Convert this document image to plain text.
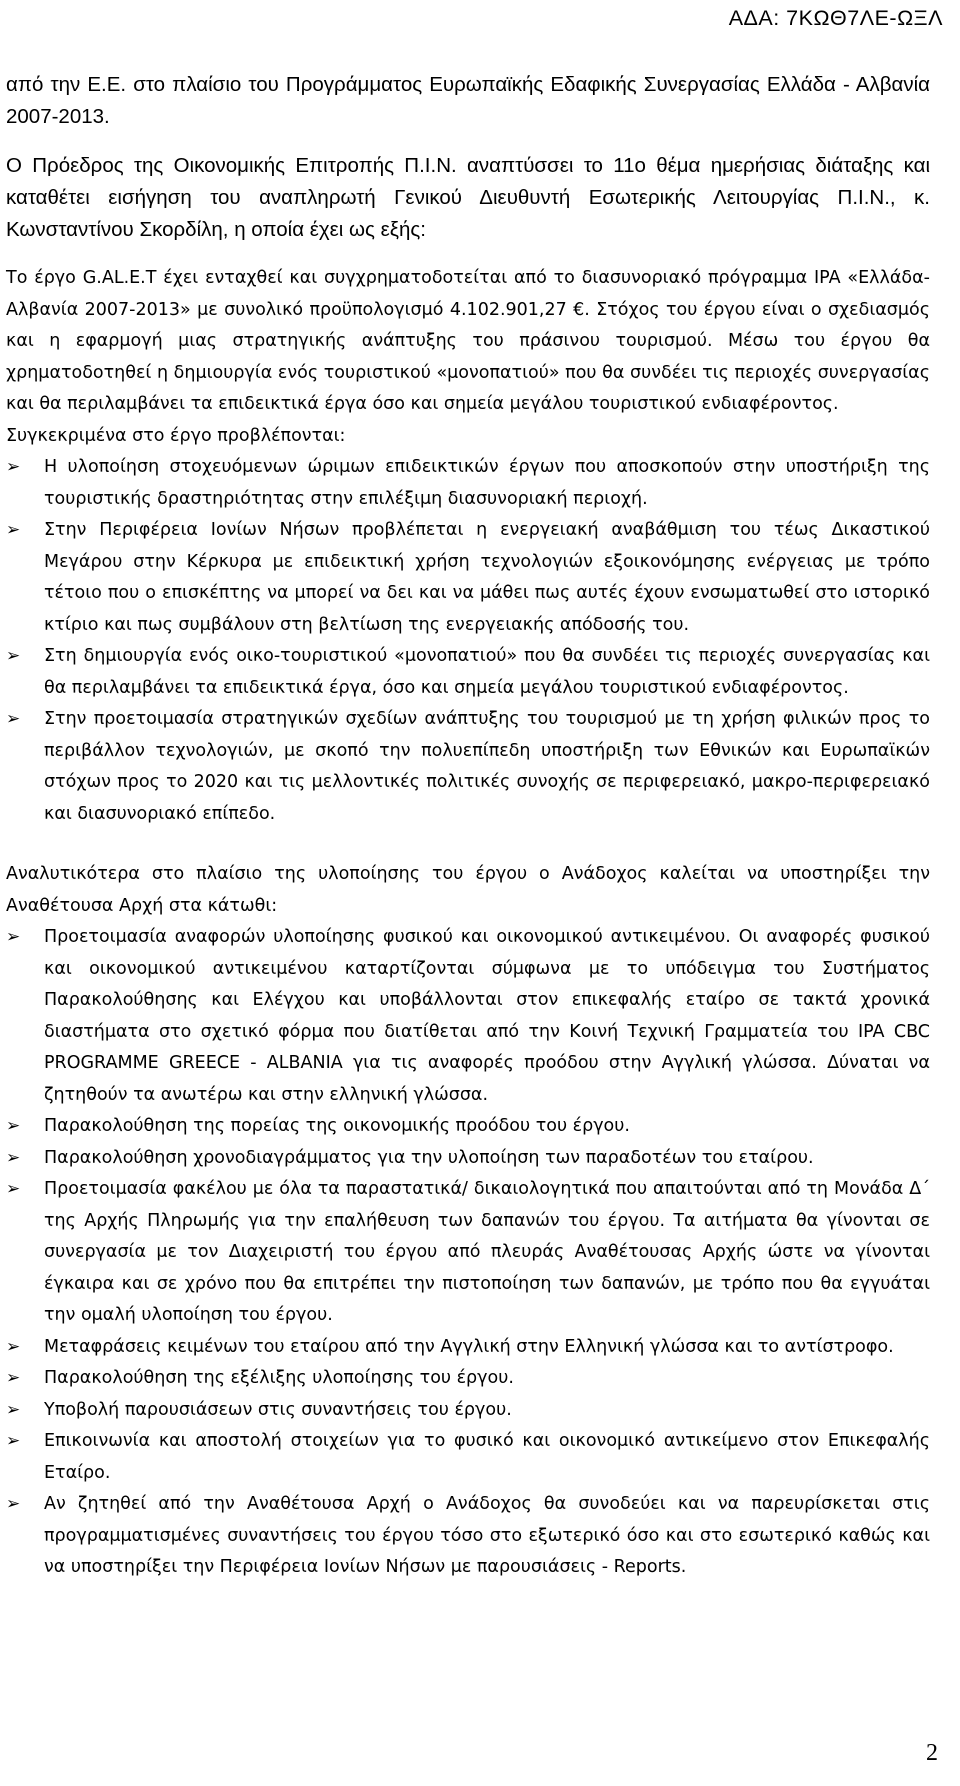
ΑΔΑ: 7ΚΩΘ7ΛΕ-ΩΞΛ

από την Ε.Ε. στο πλαίσιο του Προγράμματος Ευρωπαϊκής Εδαφικής Συνεργασίας Ελλάδα - Αλβανία 2007-2013.

Ο Πρόεδρος της Οικονομικής Επιτροπής Π.Ι.Ν. αναπτύσσει το 11ο θέμα ημερήσιας διάταξης και καταθέτει εισήγηση του αναπληρωτή Γενικού Διευθυντή Εσωτερικής Λειτουργίας Π.Ι.Ν., κ. Κωνσταντίνου Σκορδίλη, η οποία έχει ως εξής:

Το έργο G.AL.E.T έχει ενταχθεί και συγχρηματοδοτείται από το διασυνοριακό πρόγραμμα IPA «Ελλάδα-Αλβανία 2007-2013» με συνολικό προϋπολογισμό 4.102.901,27 €. Στόχος του έργου είναι ο σχεδιασμός και η εφαρμογή μιας στρατηγικής ανάπτυξης του πράσινου τουρισμού. Μέσω του έργου θα χρηματοδοτηθεί η δημιουργία ενός τουριστικού «μονοπατιού» που θα συνδέει τις περιοχές συνεργασίας και θα περιλαμβάνει τα επιδεικτικά έργα όσο και σημεία μεγάλου τουριστικού ενδιαφέροντος.

Συγκεκριμένα στο έργο προβλέπονται:

➢	Η υλοποίηση στοχευόμενων ώριμων επιδεικτικών έργων που αποσκοπούν στην υποστήριξη της τουριστικής δραστηριότητας στην επιλέξιμη διασυνοριακή περιοχή.
➢	Στην Περιφέρεια Ιονίων Νήσων προβλέπεται η ενεργειακή αναβάθμιση του τέως Δικαστικού Μεγάρου στην Κέρκυρα με επιδεικτική χρήση τεχνολογιών εξοικονόμησης ενέργειας με τρόπο τέτοιο που ο επισκέπτης να μπορεί να δει και να μάθει πως αυτές έχουν ενσωματωθεί στο ιστορικό κτίριο και πως συμβάλουν στη βελτίωση της ενεργειακής απόδοσής του.
➢	Στη δημιουργία ενός οικο-τουριστικού «μονοπατιού» που θα συνδέει τις περιοχές συνεργασίας και θα περιλαμβάνει τα επιδεικτικά έργα, όσο και σημεία μεγάλου τουριστικού ενδιαφέροντος.
➢	Στην προετοιμασία στρατηγικών σχεδίων ανάπτυξης του τουρισμού με τη χρήση φιλικών προς το περιβάλλον τεχνολογιών, με σκοπό την πολυεπίπεδη υποστήριξη των Εθνικών και Ευρωπαϊκών στόχων προς το 2020 και τις μελλοντικές πολιτικές συνοχής σε περιφερειακό, μακρο-περιφερειακό και διασυνοριακό επίπεδο.

Αναλυτικότερα στο πλαίσιο της υλοποίησης του έργου ο Ανάδοχος καλείται να υποστηρίξει την Αναθέτουσα Αρχή στα κάτωθι:

➢	Προετοιμασία αναφορών υλοποίησης φυσικού και οικονομικού αντικειμένου. Οι αναφορές φυσικού και οικονομικού αντικειμένου καταρτίζονται σύμφωνα με το υπόδειγμα του Συστήματος Παρακολούθησης και Ελέγχου και υποβάλλονται στον επικεφαλής εταίρο σε τακτά χρονικά διαστήματα στο σχετικό φόρμα που διατίθεται από την Κοινή Τεχνική Γραμματεία του IPA CBC PROGRAMME GREECE - ALBANIA για τις αναφορές προόδου στην Αγγλική γλώσσα. Δύναται να ζητηθούν τα ανωτέρω και στην ελληνική γλώσσα.
➢	Παρακολούθηση της πορείας της οικονομικής προόδου του έργου.
➢	Παρακολούθηση χρονοδιαγράμματος για την υλοποίηση των παραδοτέων του εταίρου.
➢	Προετοιμασία φακέλου με όλα τα παραστατικά/ δικαιολογητικά που απαιτούνται από τη Μονάδα Δ΄ της Αρχής Πληρωμής για την επαλήθευση των δαπανών του έργου. Τα αιτήματα θα γίνονται σε συνεργασία με τον Διαχειριστή του έργου από πλευράς Αναθέτουσας Αρχής ώστε να γίνονται έγκαιρα και σε χρόνο που θα επιτρέπει την πιστοποίηση των δαπανών, με τρόπο που θα εγγυάται την ομαλή υλοποίηση του έργου.
➢	Μεταφράσεις κειμένων του εταίρου από την Αγγλική στην Ελληνική γλώσσα και το αντίστροφο.
➢	Παρακολούθηση της εξέλιξης υλοποίησης του έργου.
➢	Υποβολή παρουσιάσεων στις συναντήσεις του έργου.
➢	Επικοινωνία και αποστολή στοιχείων για το φυσικό και οικονομικό αντικείμενο στον Επικεφαλής Εταίρο.
➢	Αν ζητηθεί από την Αναθέτουσα Αρχή ο Ανάδοχος θα συνοδεύει και να παρευρίσκεται στις προγραμματισμένες συναντήσεις του έργου τόσο στο εξωτερικό όσο και στο εσωτερικό καθώς και να υποστηρίξει την Περιφέρεια Ιονίων Νήσων με παρουσιάσεις - Reports.
2
